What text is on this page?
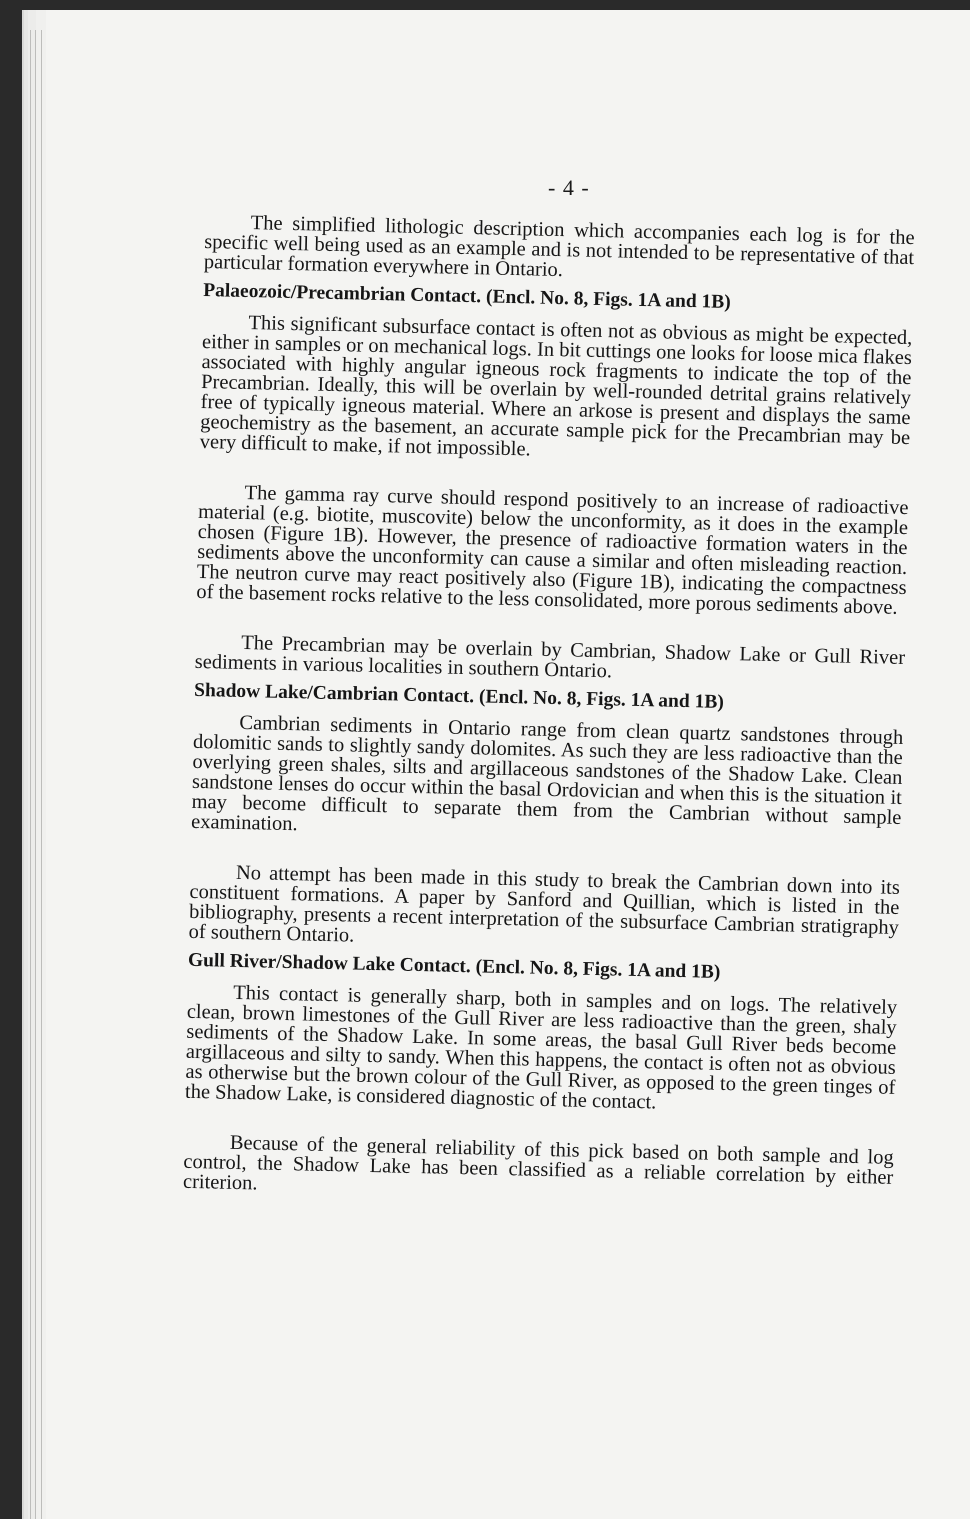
- 4 -

The simplified lithologic description which accompanies each log is for the specific well being used as an example and is not intended to be representative of that particular formation everywhere in Ontario.

Palaeozoic/Precambrian Contact. (Encl. No. 8, Figs. 1A and 1B)

This significant subsurface contact is often not as obvious as might be expected, either in samples or on mechanical logs. In bit cuttings one looks for loose mica flakes associated with highly angular igneous rock fragments to indicate the top of the Precambrian. Ideally, this will be overlain by well-rounded detrital grains relatively free of typically igneous material. Where an arkose is present and displays the same geochemistry as the basement, an accurate sample pick for the Precambrian may be very difficult to make, if not impossible.

The gamma ray curve should respond positively to an increase of radioactive material (e.g. biotite, muscovite) below the unconformity, as it does in the example chosen (Figure 1B). However, the presence of radioactive formation waters in the sediments above the unconformity can cause a similar and often misleading reaction. The neutron curve may react positively also (Figure 1B), indicating the compactness of the basement rocks relative to the less consolidated, more porous sediments above.

The Precambrian may be overlain by Cambrian, Shadow Lake or Gull River sediments in various localities in southern Ontario.

Shadow Lake/Cambrian Contact. (Encl. No. 8, Figs. 1A and 1B)

Cambrian sediments in Ontario range from clean quartz sandstones through dolomitic sands to slightly sandy dolomites. As such they are less radioactive than the overlying green shales, silts and argillaceous sandstones of the Shadow Lake. Clean sandstone lenses do occur within the basal Ordovician and when this is the situation it may become difficult to separate them from the Cambrian without sample examination.

No attempt has been made in this study to break the Cambrian down into its constituent formations. A paper by Sanford and Quillian, which is listed in the bibliography, presents a recent interpretation of the subsurface Cambrian stratigraphy of southern Ontario.

Gull River/Shadow Lake Contact. (Encl. No. 8, Figs. 1A and 1B)

This contact is generally sharp, both in samples and on logs. The relatively clean, brown limestones of the Gull River are less radioactive than the green, shaly sediments of the Shadow Lake. In some areas, the basal Gull River beds become argillaceous and silty to sandy. When this happens, the contact is often not as obvious as otherwise but the brown colour of the Gull River, as opposed to the green tinges of the Shadow Lake, is considered diagnostic of the contact.

Because of the general reliability of this pick based on both sample and log control, the Shadow Lake has been classified as a reliable correlation by either criterion.
